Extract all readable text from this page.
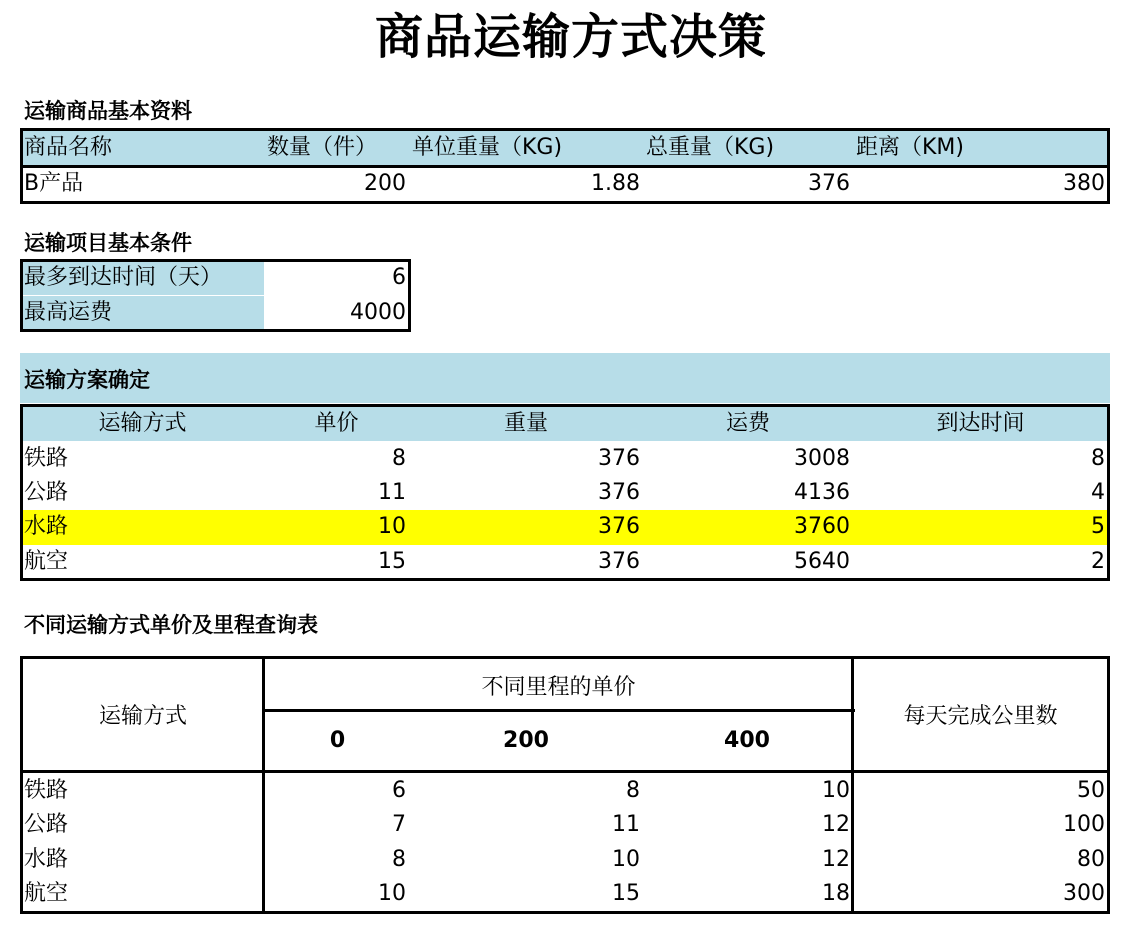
商品运输方式决策
运输商品基本资料
商品名称	数量（件）	单位重量（KG)	总重量（KG)	距离（KM)
B产品	200	1.88	376	380
运输项目基本条件
最多到达时间（天）	6
最高运费	4000
运输方案确定
运输方式	单价	重量	运费	到达时间
铁路	8	376	3008	8
公路	11	376	4136	4
水路	10	376	3760	5
航空	15	376	5640	2
不同运输方式单价及里程查询表
运输方式
不同里程的单价
0	200	400
每天完成公里数
铁路	6	8	10	50
公路	7	11	12	100
水路	8	10	12	80
航空	10	15	18	300
